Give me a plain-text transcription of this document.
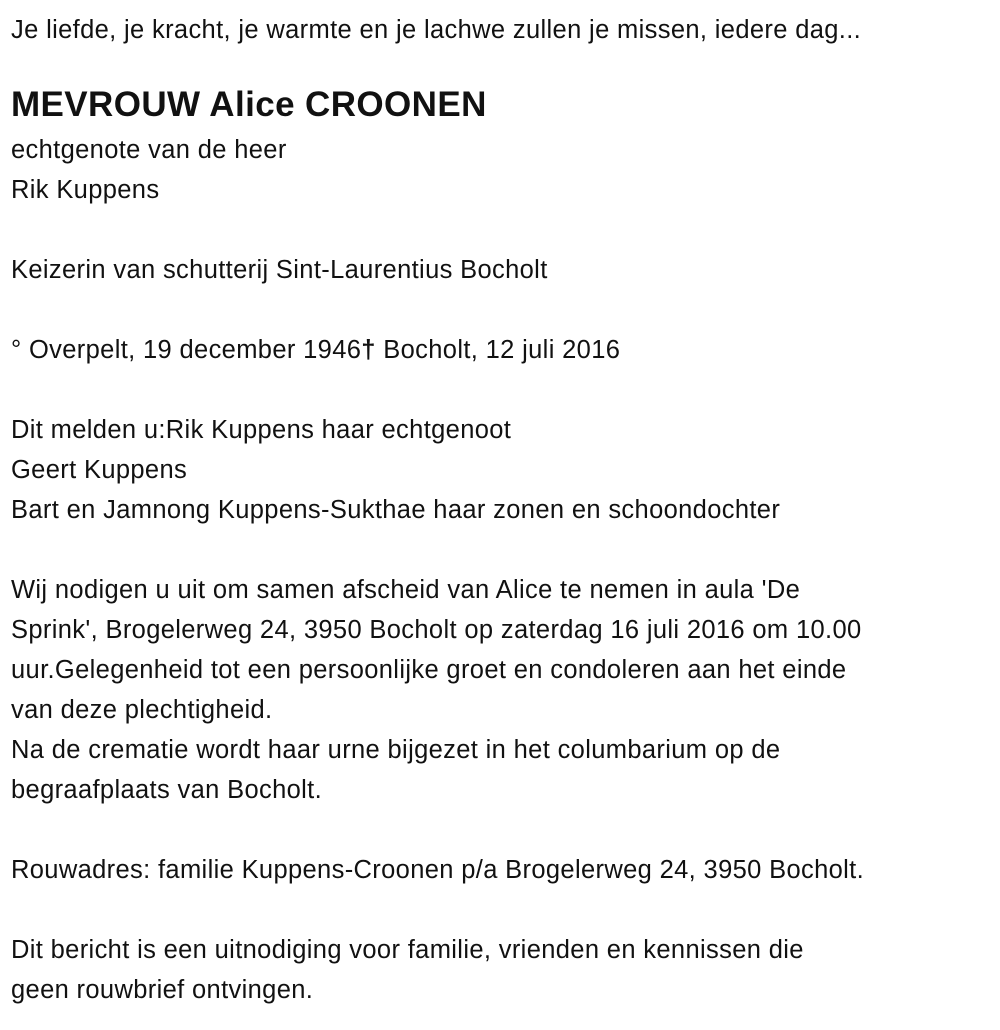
Je liefde, je kracht, je warmte en je lachwe zullen je missen, iedere dag...
MEVROUW Alice CROONEN
echtgenote van de heer
Rik Kuppens
Keizerin van schutterij Sint-Laurentius Bocholt
° Overpelt, 19 december 1946† Bocholt, 12 juli 2016
Dit melden u:Rik Kuppens haar echtgenoot
Geert Kuppens
Bart en Jamnong Kuppens-Sukthae haar zonen en schoondochter
Wij nodigen u uit om samen afscheid van Alice te nemen in aula 'De
Sprink', Brogelerweg 24, 3950 Bocholt op zaterdag 16 juli 2016 om 10.00
uur.Gelegenheid tot een persoonlijke groet en condoleren aan het einde
van deze plechtigheid.
Na de crematie wordt haar urne bijgezet in het columbarium op de
begraafplaats van Bocholt.
Rouwadres: familie Kuppens-Croonen p/a Brogelerweg 24, 3950 Bocholt.
Dit bericht is een uitnodiging voor familie, vrienden en kennissen die
geen rouwbrief ontvingen.
